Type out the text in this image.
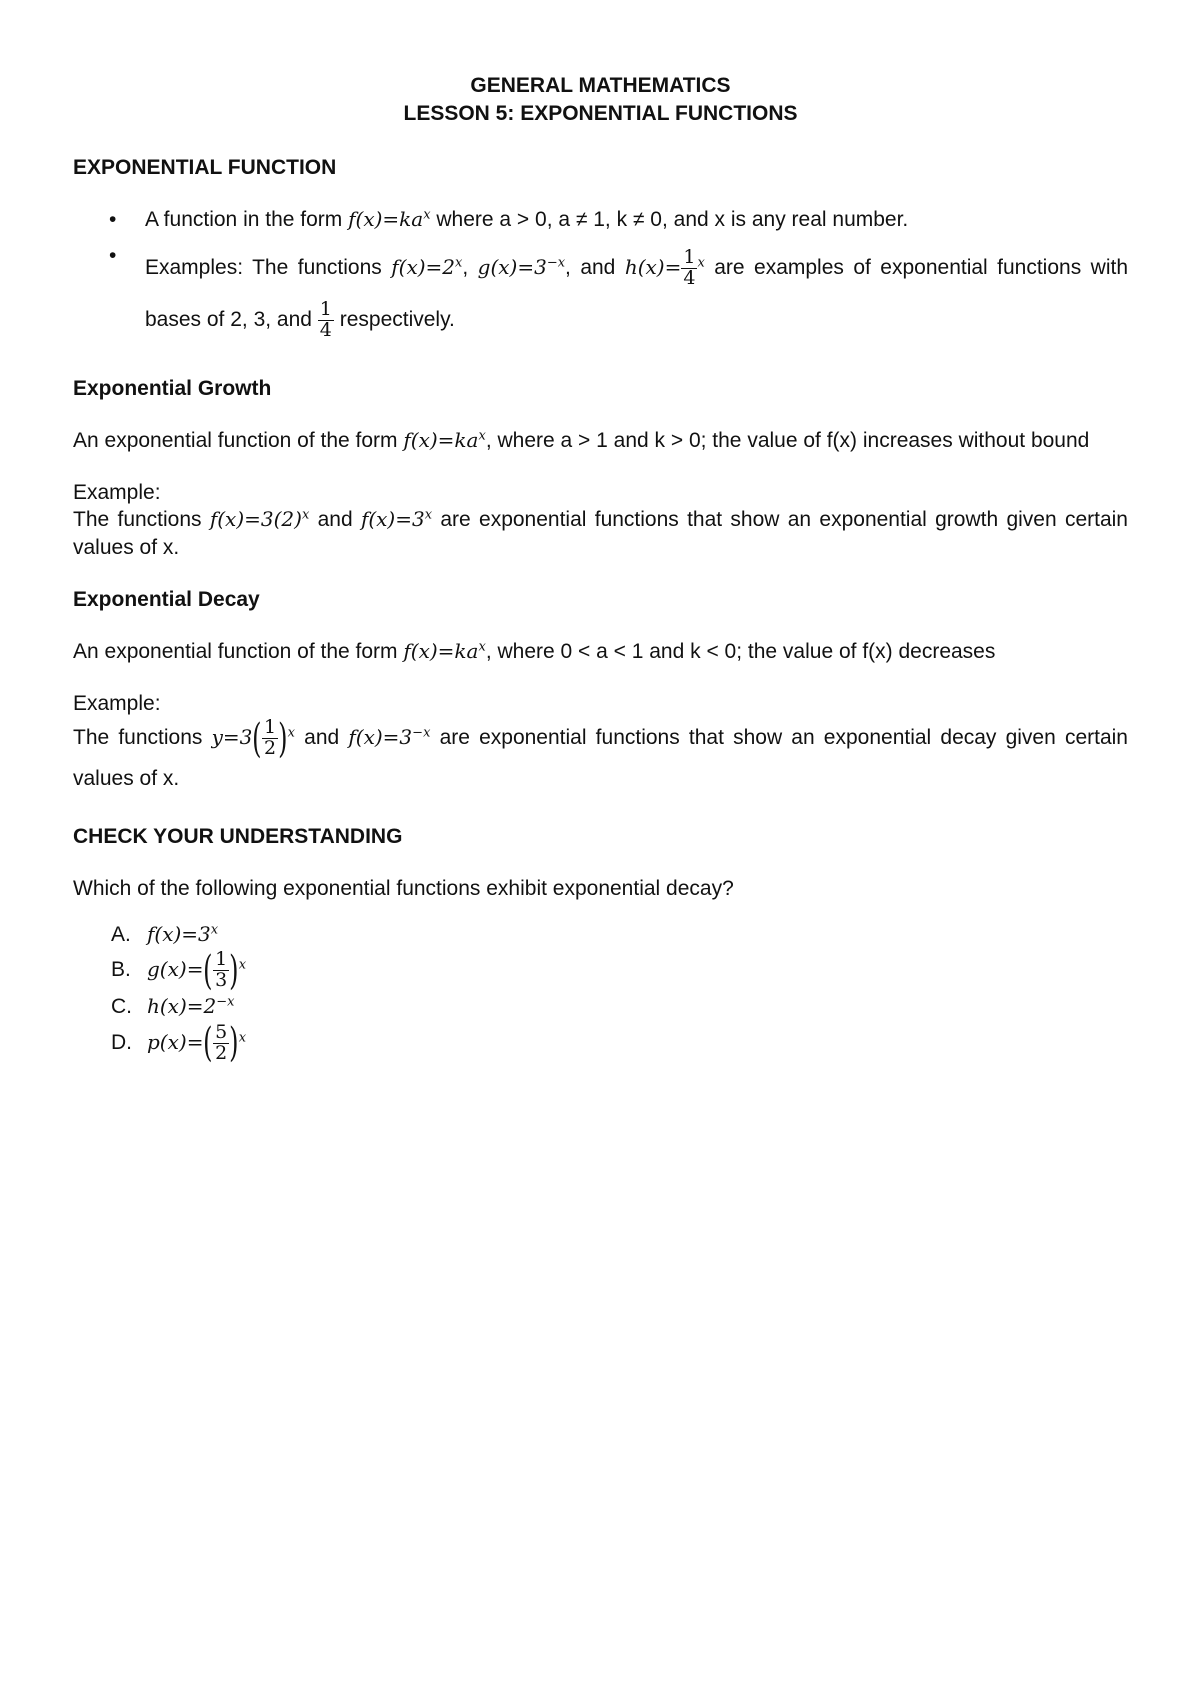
GENERAL MATHEMATICS
LESSON 5: EXPONENTIAL FUNCTIONS
EXPONENTIAL FUNCTION
• A function in the form $f(x)=ka^x$ where a > 0, a ≠ 1, k ≠ 0, and x is any real number.
•
Examples: The functions $f(x)=2^x$, $g(x)=3^{-x}$, and $h(x)= \frac{1}{4} ^x$ are examples of exponential functions with bases of 2, 3, and $\frac{1}{4}$ respectively.
Exponential Growth

An exponential function of the form $f(x)=ka^x$, where a > 1 and k > 0; the value of f(x) increases without bound

Example:

The functions $f(x)=3(2)^x$ and $f(x)=3^x$ are exponential functions that show an exponential growth given certain values of x.

Exponential Decay

An exponential function of the form $f(x)=ka^x$, where 0 < a < 1 and k < 0; the value of f(x) decreases

Example:

The functions $y=3( \frac{1}{2} )^x$ and $f(x)=3^{-x}$ are exponential functions that show an exponential decay given certain values of x.

CHECK YOUR UNDERSTANDING

Which of the following exponential functions exhibit exponential decay?

A. $f(x)=3^x$
B. $g(x)=( \frac{1}{3} )^x$
C. $h(x)=2^{-x}$
D. $p(x)=( \frac{5}{2} )^x$
